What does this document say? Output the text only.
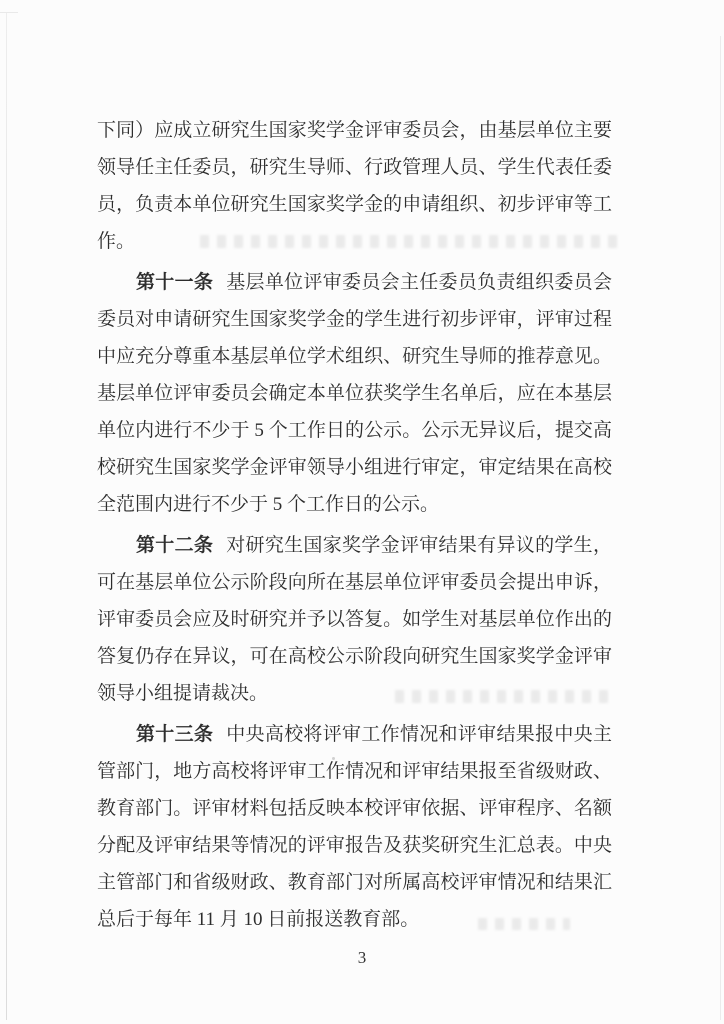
下同）应成立研究生国家奖学金评审委员会，由基层单位主要领导任主任委员，研究生导师、行政管理人员、学生代表任委员，负责本单位研究生国家奖学金的申请组织、初步评审等工作。

第十一条 基层单位评审委员会主任委员负责组织委员会委员对申请研究生国家奖学金的学生进行初步评审，评审过程中应充分尊重本基层单位学术组织、研究生导师的推荐意见。基层单位评审委员会确定本单位获奖学生名单后，应在本基层单位内进行不少于 5 个工作日的公示。公示无异议后，提交高校研究生国家奖学金评审领导小组进行审定，审定结果在高校全范围内进行不少于 5 个工作日的公示。

第十二条 对研究生国家奖学金评审结果有异议的学生，可在基层单位公示阶段向所在基层单位评审委员会提出申诉，评审委员会应及时研究并予以答复。如学生对基层单位作出的答复仍存在异议，可在高校公示阶段向研究生国家奖学金评审领导小组提请裁决。

第十三条 中央高校将评审工作情况和评审结果报中央主管部门，地方高校将评审工作情况和评审结果报至省级财政、教育部门。评审材料包括反映本校评审依据、评审程序、名额分配及评审结果等情况的评审报告及获奖研究生汇总表。中央主管部门和省级财政、教育部门对所属高校评审情况和结果汇总后于每年 11 月 10 日前报送教育部。

3
